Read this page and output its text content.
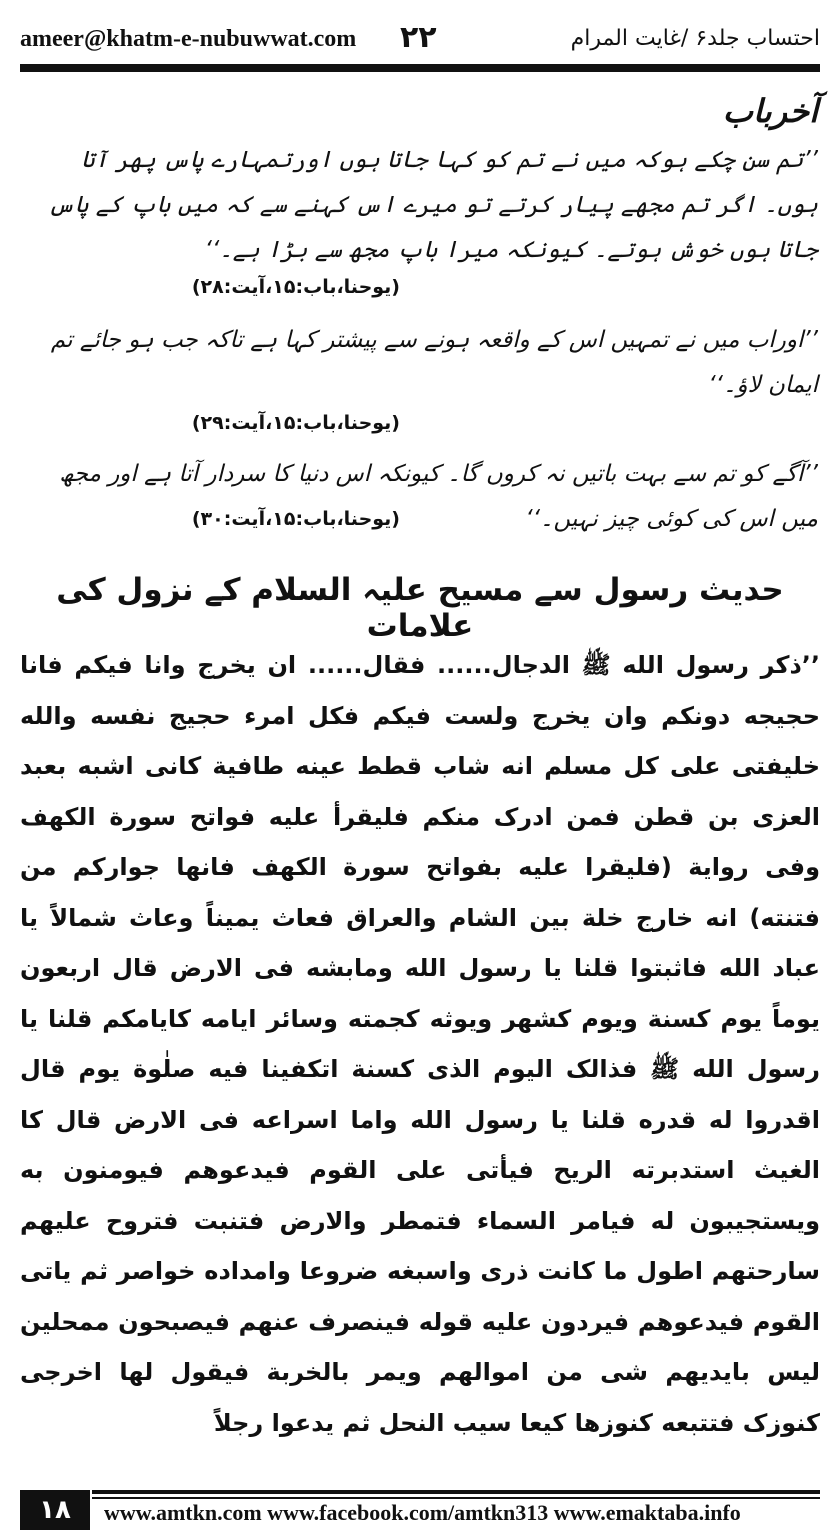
ameer@khatm-e-nubuwwat.com ۲۲	احتساب جلد۶ /غایت المرام
آخرباب
’’تم سن چکے ہوکہ میں نے تم کو کہا جاتا ہوں اورتمہارے پاس پھر آتا ہوں۔ اگر تم مجھے پیار کرتے تو میرے اس کہنے سے کہ میں باپ کے پاس جاتا ہوں خوش ہوتے۔ کیونکہ میرا باپ مجھ سے بڑا ہے۔‘‘
(یوحنا،باب:۱۵،آیت:۲۸)
’’اوراب میں نے تمہیں اس کے واقعہ ہونے سے پیشتر کہا ہے تاکہ جب ہو جائے تم ایمان لاؤ۔‘‘
(یوحنا،باب:۱۵،آیت:۲۹)
’’آگے کو تم سے بہت باتیں نہ کروں گا۔ کیونکہ اس دنیا کا سردار آتا ہے اور مجھ میں اس کی کوئی چیز نہیں۔‘‘
(یوحنا،باب:۱۵،آیت:۳۰)
حدیث رسول سے مسیح علیہ السلام کے نزول کی علامات
’’ذکر رسول الله ﷺ الدجال...... فقال...... ان یخرج وانا فیکم فانا حجیجه دونکم وان یخرج ولست فیکم فکل امرء حجیج نفسه والله خلیفتی علی کل مسلم انه شاب قطط عینه طافیة کانی اشبه بعبد العزی بن قطن فمن ادرک منکم فلیقرأ علیه فواتح سورة الکهف وفی روایة (فلیقرا علیه بفواتح سورة الکهف فانها جوارکم من فتنته) انه خارج خلة بین الشام والعراق فعاث یمیناً وعاث شمالاً یا عباد الله فاثبتوا قلنا یا رسول الله ومابشه فی الارض قال اربعون یوماً یوم کسنة ویوم کشهر ویوثه کجمته وسائر ایامه کایامکم قلنا یا رسول الله ﷺ فذالک الیوم الذی کسنة اتکفینا فیه صلٰوة یوم قال اقدروا له قدره قلنا یا رسول الله واما اسراعه فی الارض قال کا الغیث استدبرته الریح فیأتی علی القوم فیدعوهم فیومنون به ویستجیبون له فیامر السماء فتمطر والارض فتنبت فتروح علیهم سارحتهم اطول ما کانت ذری واسبغه ضروعا وامداده خواصر ثم یاتی القوم فیدعوهم فیردون علیه قوله فینصرف عنهم فیصبحون ممحلین لیس بایدیهم شی من اموالهم ویمر بالخربة فیقول لها اخرجی کنوزک فتتبعه کنوزها کیعا سیب النحل ثم یدعوا رجلاً
۱۸	www.amtkn.com www.facebook.com/amtkn313 www.emaktaba.info
